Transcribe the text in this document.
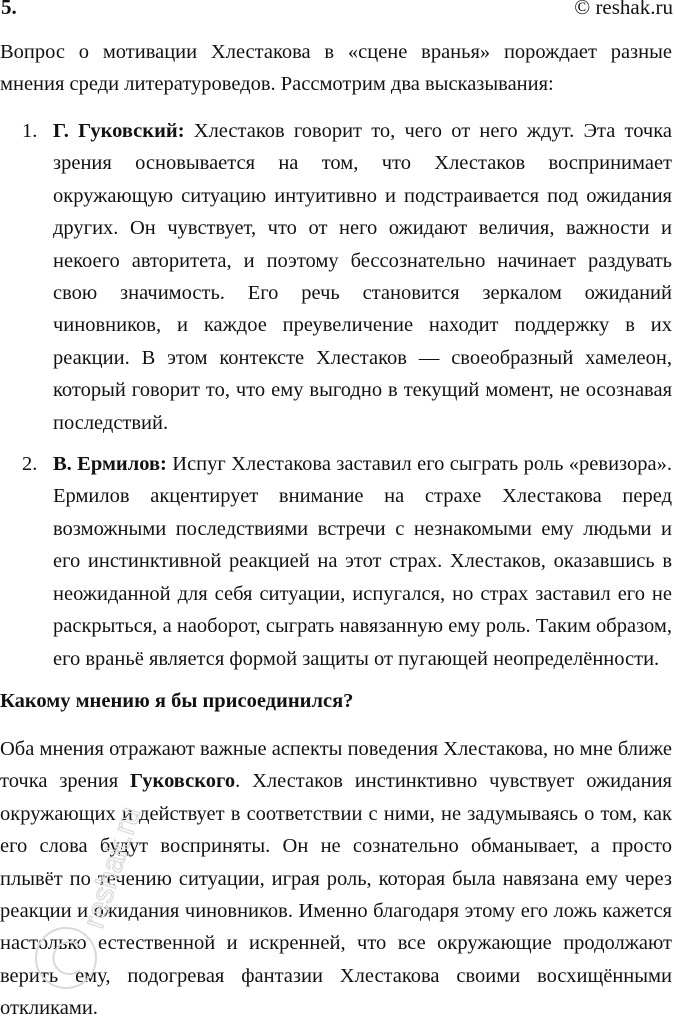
5.	© reshak.ru

Вопрос о мотивации Хлестакова в «сцене вранья» порождает разные мнения среди литературоведов. Рассмотрим два высказывания:

1. Г. Гуковский: Хлестаков говорит то, чего от него ждут. Эта точка зрения основывается на том, что Хлестаков воспринимает окружающую ситуацию интуитивно и подстраивается под ожидания других. Он чувствует, что от него ожидают величия, важности и некоего авторитета, и поэтому бессознательно начинает раздувать свою значимость. Его речь становится зеркалом ожиданий чиновников, и каждое преувеличение находит поддержку в их реакции. В этом контексте Хлестаков — своеобразный хамелеон, который говорит то, что ему выгодно в текущий момент, не осознавая последствий.
2. В. Ермилов: Испуг Хлестакова заставил его сыграть роль «ревизора». Ермилов акцентирует внимание на страхе Хлестакова перед возможными последствиями встречи с незнакомыми ему людьми и его инстинктивной реакцией на этот страх. Хлестаков, оказавшись в неожиданной для себя ситуации, испугался, но страх заставил его не раскрыться, а наоборот, сыграть навязанную ему роль. Таким образом, его враньё является формой защиты от пугающей неопределённости.

Какому мнению я бы присоединился?

Оба мнения отражают важные аспекты поведения Хлестакова, но мне ближе точка зрения Гуковского. Хлестаков инстинктивно чувствует ожидания окружающих и действует в соответствии с ними, не задумываясь о том, как его слова будут восприняты. Он не сознательно обманывает, а просто плывёт по течению ситуации, играя роль, которая была навязана ему через реакции и ожидания чиновников. Именно благодаря этому его ложь кажется настолько естественной и искренней, что все окружающие продолжают верить ему, подогревая фантазии Хлестакова своими восхищёнными откликами.

reshak.ru
